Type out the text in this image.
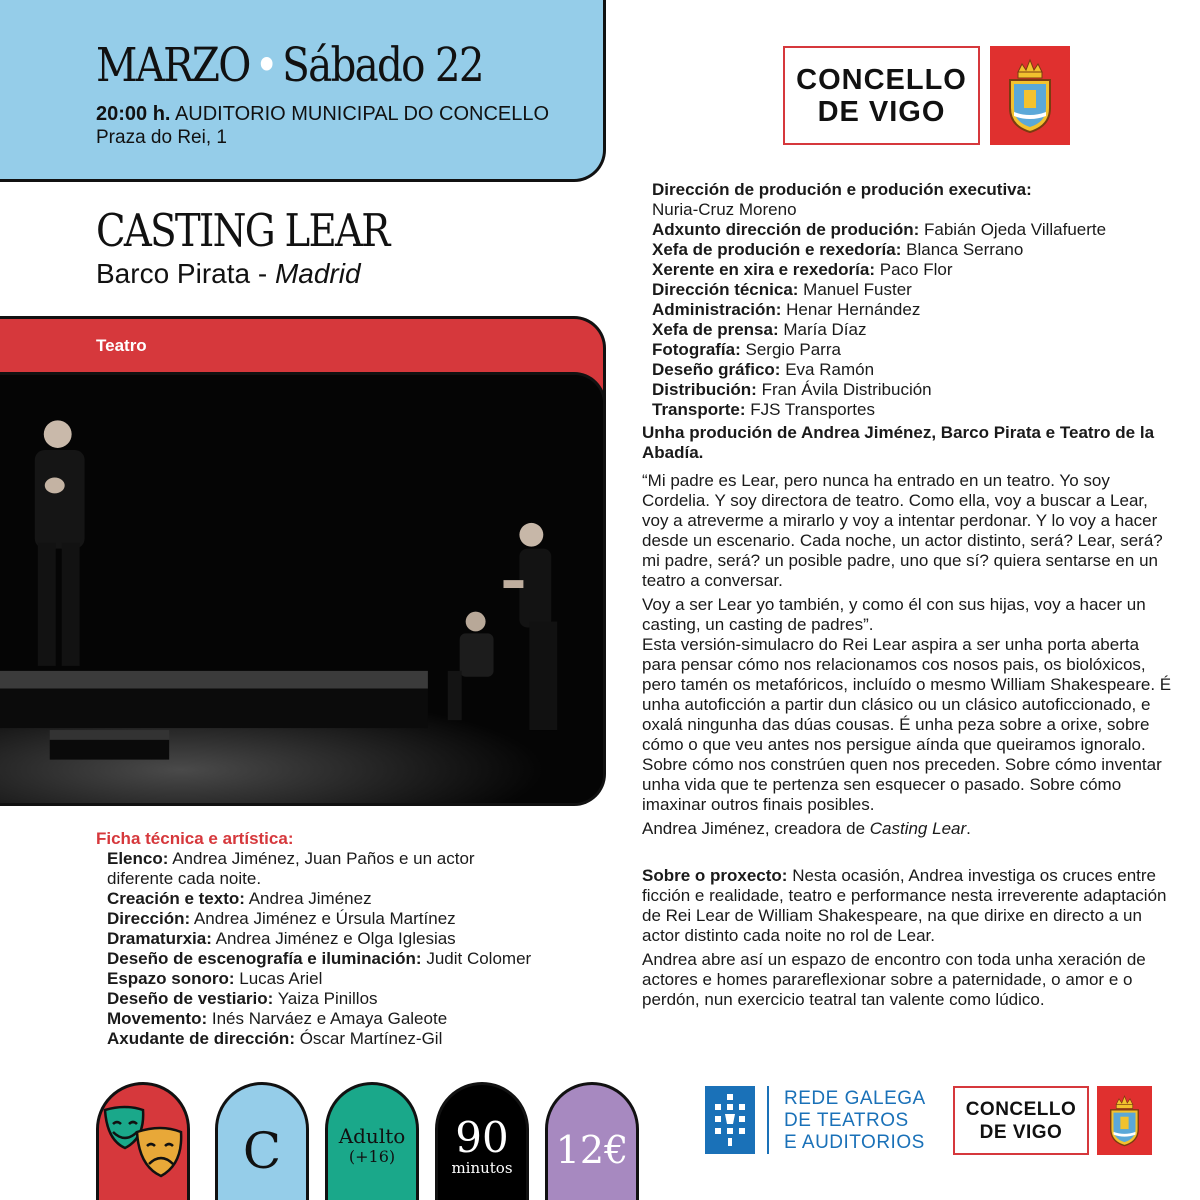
MARZO • Sábado 22
20:00 h. AUDITORIO MUNICIPAL DO CONCELLO
Praza do Rei, 1
CASTING LEAR
Barco Pirata - Madrid
Teatro
Ficha técnica e artística:
Elenco: Andrea Jiménez, Juan Paños e un actor
diferente cada noite.
Creación e texto: Andrea Jiménez
Dirección: Andrea Jiménez e Úrsula Martínez
Dramaturxia: Andrea Jiménez e Olga Iglesias
Deseño de escenografía e iluminación: Judit Colomer
Espazo sonoro: Lucas Ariel
Deseño de vestiario: Yaiza Pinillos
Movemento: Inés Narváez e Amaya Galeote
Axudante de dirección: Óscar Martínez-Gil
CONCELLO
DE VIGO
Dirección de produción e produción executiva:
Nuria-Cruz Moreno
Adxunto dirección de produción: Fabián Ojeda Villafuerte
Xefa de produción e rexedoría: Blanca Serrano
Xerente en xira e rexedoría: Paco Flor
Dirección técnica: Manuel Fuster
Administración: Henar Hernández
Xefa de prensa: María Díaz
Fotografía: Sergio Parra
Deseño gráfico: Eva Ramón
Distribución: Fran Ávila Distribución
Transporte: FJS Transportes
Unha produción de Andrea Jiménez, Barco Pirata e Teatro de la Abadía.

“Mi padre es Lear, pero nunca ha entrado en un teatro. Yo soy Cordelia. Y soy directora de teatro. Como ella, voy a buscar a Lear, voy a atreverme a mirarlo y voy a intentar perdonar. Y lo voy a hacer desde un escenario. Cada noche, un actor distinto, será? Lear, será? mi padre, será? un posible padre, uno que sí? quiera sentarse en un teatro a conversar.

Voy a ser Lear yo también, y como él con sus hijas, voy a hacer un casting, un casting de padres”.

Esta versión-simulacro do Rei Lear aspira a ser unha porta aberta para pensar cómo nos relacionamos cos nosos pais, os biolóxicos, pero tamén os metafóricos, incluído o mesmo William Shakespeare. É unha autoficción a partir dun clásico ou un clásico autoficcionado, e oxalá ningunha das dúas cousas. É unha peza sobre a orixe, sobre cómo o que veu antes nos persigue aínda que queiramos ignoralo. Sobre cómo nos constrúen quen nos preceden. Sobre cómo inventar unha vida que te pertenza sen esquecer o pasado. Sobre cómo imaxinar outros finais posibles.

Andrea Jiménez, creadora de Casting Lear.

Sobre o proxecto: Nesta ocasión, Andrea investiga os cruces entre ficción e realidade, teatro e performance nesta irreverente adaptación de Rei Lear de William Shakespeare, na que dirixe en directo a un actor distinto cada noite no rol de Lear.

Andrea abre así un espazo de encontro con toda unha xeración de actores e homes parareflexionar sobre a paternidade, o amor e o perdón, nun exercicio teatral tan valente como lúdico.

C	Adulto
(+16) 90
minutos 12€
REDE GALEGA
DE TEATROS
E AUDITORIOS
CONCELLO
DE VIGO
